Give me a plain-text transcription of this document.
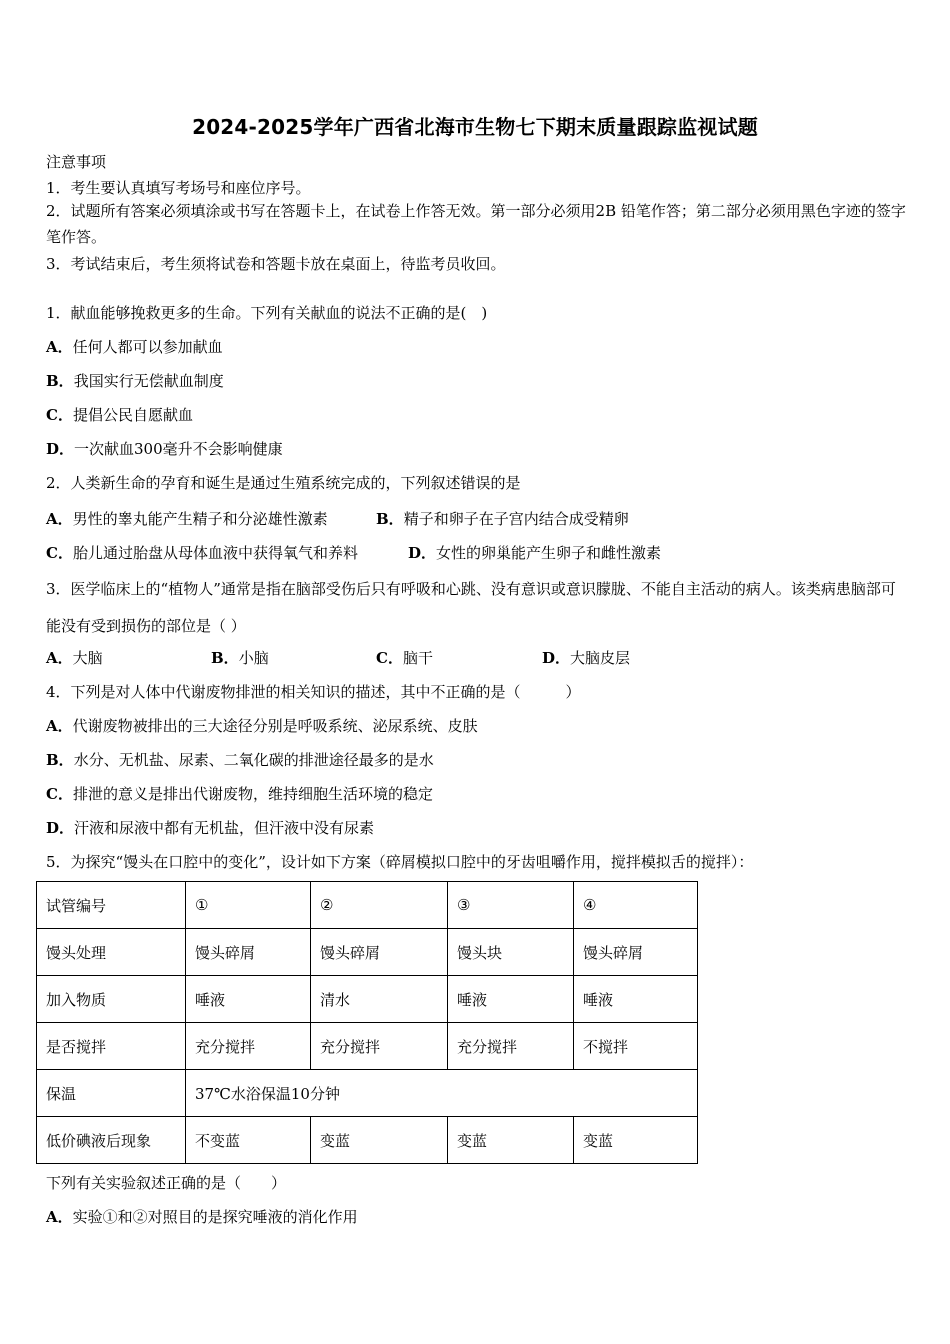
2024-2025学年广西省北海市生物七下期末质量跟踪监视试题
注意事项
1．考生要认真填写考场号和座位序号。
2．试题所有答案必须填涂或书写在答题卡上，在试卷上作答无效。第一部分必须用2B 铅笔作答；第二部分必须用黑色字迹的签字笔作答。
3．考试结束后，考生须将试卷和答题卡放在桌面上，待监考员收回。
1．献血能够挽救更多的生命。下列有关献血的说法不正确的是(　)
A．任何人都可以参加献血
B．我国实行无偿献血制度
C．提倡公民自愿献血
D．一次献血300毫升不会影响健康
2．人类新生命的孕育和诞生是通过生殖系统完成的，下列叙述错误的是
A．男性的睾丸能产生精子和分泌雄性激素	B．精子和卵子在子宫内结合成受精卵
C．胎儿通过胎盘从母体血液中获得氧气和养料	D．女性的卵巢能产生卵子和雌性激素
3．医学临床上的“植物人”通常是指在脑部受伤后只有呼吸和心跳、没有意识或意识朦胧、不能自主活动的病人。该类病患脑部可能没有受到损伤的部位是（ ）
A．大脑	B．小脑	C．脑干	D．大脑皮层
4．下列是对人体中代谢废物排泄的相关知识的描述，其中不正确的是（　　　）
A．代谢废物被排出的三大途径分别是呼吸系统、泌尿系统、皮肤
B．水分、无机盐、尿素、二氧化碳的排泄途径最多的是水
C．排泄的意义是排出代谢废物，维持细胞生活环境的稳定
D．汗液和尿液中都有无机盐，但汗液中没有尿素
5．为探究“馒头在口腔中的变化”，设计如下方案（碎屑模拟口腔中的牙齿咀嚼作用，搅拌模拟舌的搅拌）：
试管编号	①	②	③	④
馒头处理	馒头碎屑	馒头碎屑	馒头块	馒头碎屑
加入物质	唾液	清水	唾液	唾液
是否搅拌	充分搅拌	充分搅拌	充分搅拌	不搅拌
保温	37℃水浴保温10分钟			
低价碘液后现象	不变蓝	变蓝	变蓝	变蓝
下列有关实验叙述正确的是（　　）
A．实验①和②对照目的是探究唾液的消化作用
